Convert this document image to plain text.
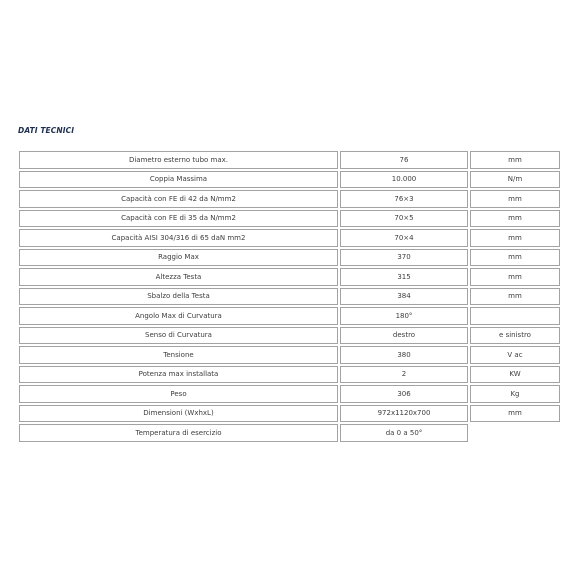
DATI TECNICI
Diametro esterno tubo max.	76	mm
Coppia Massima	10.000	N/m
Capacità con FE di 42 da N/mm2	76×3	mm
Capacità con FE di 35 da N/mm2	70×5	mm
Capacità AISI 304/316 di 65 daN mm2	70×4	mm
Raggio Max	370	mm
Altezza Testa	315	mm
Sbalzo della Testa	384	mm
Angolo Max di Curvatura	180°	
Senso di Curvatura	destro	e sinistro
Tensione	380	V ac
Potenza max installata	2	KW
Peso	306	Kg
Dimensioni (WxhxL)	972x1120x700	mm
Temperatura di esercizio	da 0 a 50°	
